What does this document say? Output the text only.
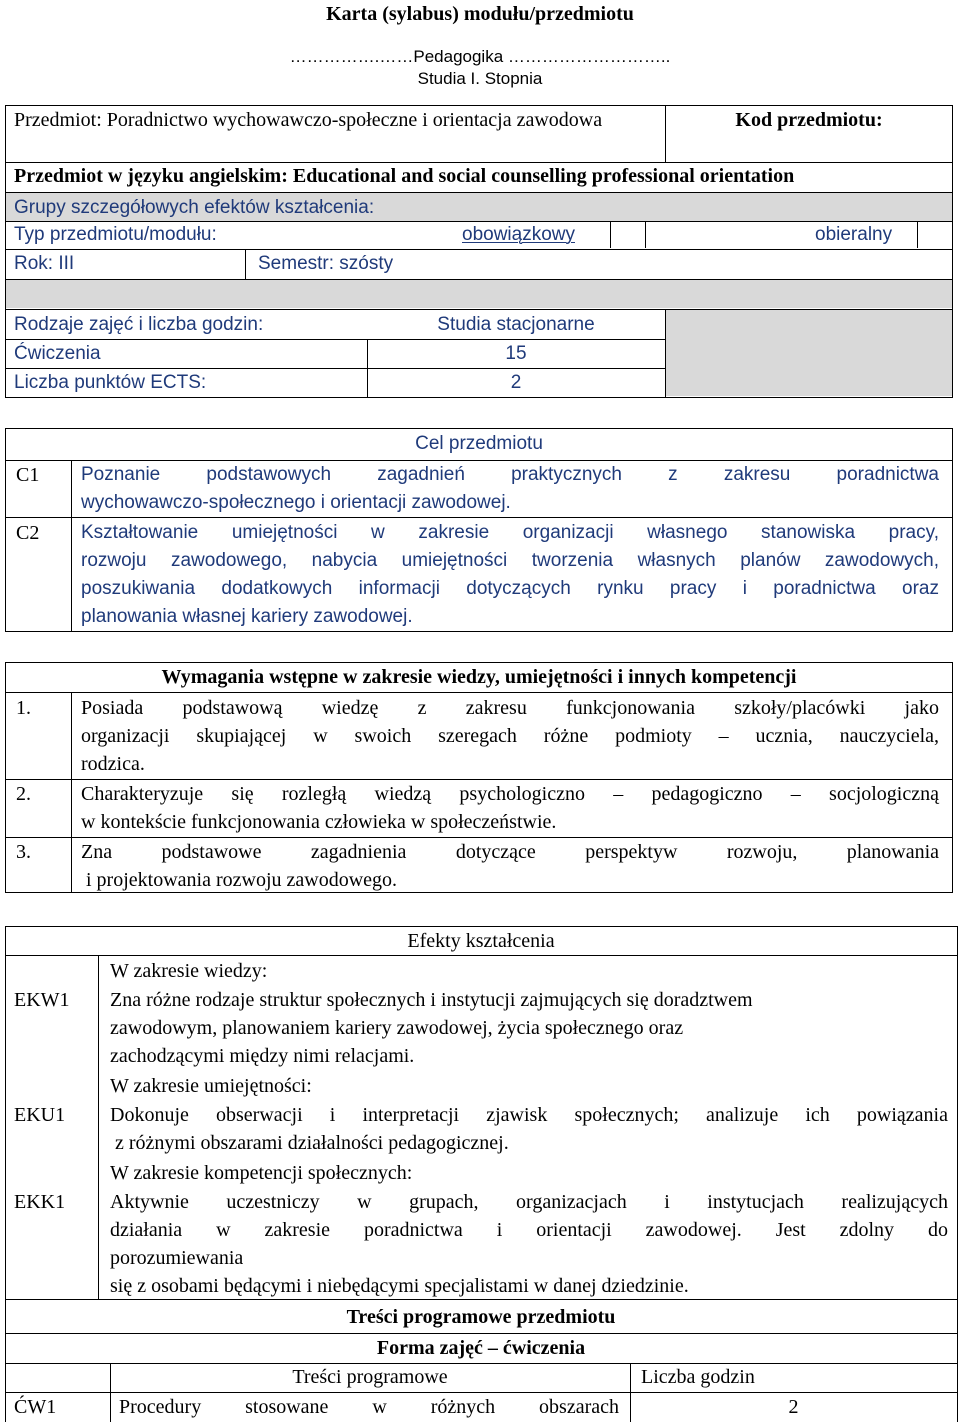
Karta (sylabus) modułu/przedmiotu
…………….……Pedagogika ………………………..
Studia I. Stopnia
Przedmiot: Poradnictwo wychowawczo-społeczne i orientacja zawodowa	Kod przedmiotu:
Przedmiot w języku angielskim: Educational and social counselling professional orientation
Grupy szczegółowych efektów kształcenia:
Typ przedmiotu/modułu:	obowiązkowy	obieralny
Rok: III	Semestr: szósty
Rodzaje zajęć i liczba godzin:	Studia stacjonarne
Ćwiczenia	15
Liczba punktów ECTS:	2
Cel przedmiotu
C1 Poznanie podstawowych zagadnień praktycznych z zakresu poradnictwa
wychowawczo-społecznego i orientacji zawodowej.
C2 Kształtowanie umiejętności w zakresie organizacji własnego stanowiska pracy,
rozwoju zawodowego, nabycia umiejętności tworzenia własnych planów zawodowych,
poszukiwania dodatkowych informacji dotyczących rynku pracy i poradnictwa oraz
planowania własnej kariery zawodowej.
Wymagania wstępne w zakresie wiedzy, umiejętności i innych kompetencji
1.	Posiada podstawową wiedzę z zakresu funkcjonowania szkoły/placówki jako
organizacji skupiającej w swoich szeregach różne podmioty – ucznia, nauczyciela,
rodzica.
2.	Charakteryzuje się rozległą wiedzą psychologiczno – pedagogiczno – socjologiczną
w kontekście funkcjonowania człowieka w społeczeństwie.
3.	Zna podstawowe zagadnienia dotyczące perspektyw rozwoju, planowania
i projektowania rozwoju zawodowego.
Efekty kształcenia
W zakresie wiedzy:
EKW1 Zna różne rodzaje struktur społecznych i instytucji zajmujących się doradztwem
zawodowym, planowaniem kariery zawodowej, życia społecznego oraz
zachodzącymi między nimi relacjami.
W zakresie umiejętności:
EKU1 Dokonuje obserwacji i interpretacji zjawisk społecznych; analizuje ich powiązania
z różnymi obszarami działalności pedagogicznej.
W zakresie kompetencji społecznych:
EKK1 Aktywnie uczestniczy w grupach, organizacjach i instytucjach realizujących
działania w zakresie poradnictwa i orientacji zawodowej. Jest zdolny do
porozumiewania
się z osobami będącymi i niebędącymi specjalistami w danej dziedzinie.
Treści programowe przedmiotu
Forma zajęć – ćwiczenia
Treści programowe	Liczba godzin
ĆW1	Procedury stosowane w różnych obszarach	2
